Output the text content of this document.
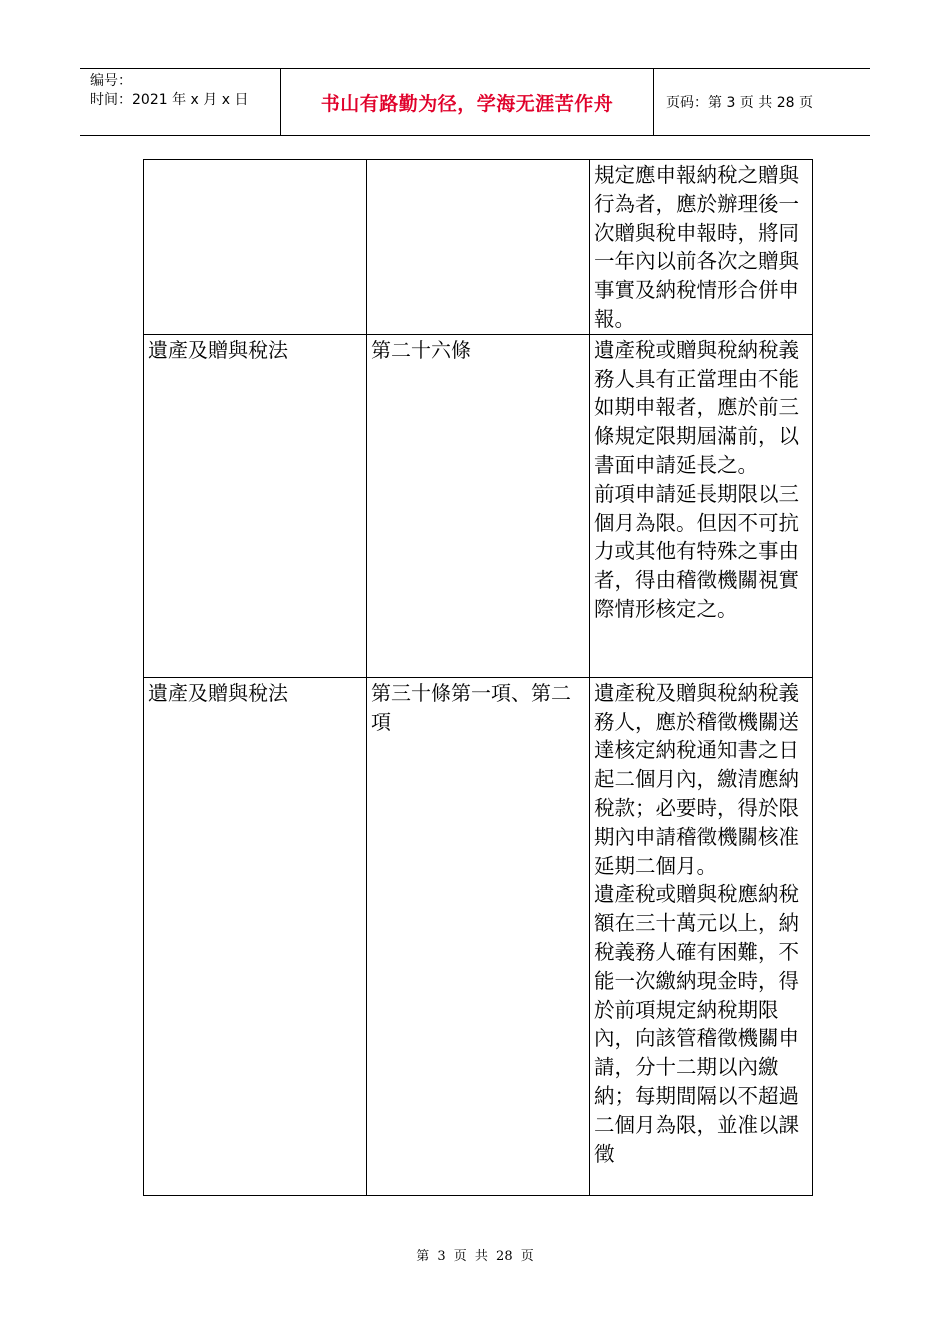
编号：
时间：2021 年 x 月 x 日	书山有路勤为径，学海无涯苦作舟	页码：第 3 页 共 28 页

		規定應申報納稅之贈與行為者，應於辦理後一次贈與稅申報時，將同一年內以前各次之贈與事實及納稅情形合併申報。

遺產及贈與稅法	第二十六條	遺產稅或贈與稅納稅義務人具有正當理由不能如期申報者，應於前三條規定限期屆滿前，以書面申請延長之。

前項申請延長期限以三個月為限。但因不可抗力或其他有特殊之事由者，得由稽徵機關視實際情形核定之。

遺產及贈與稅法	第三十條第一項、第二項	遺產稅及贈與稅納稅義務人，應於稽徵機關送達核定納稅通知書之日起二個月內，繳清應納稅款；必要時，得於限期內申請稽徵機關核准延期二個月。

遺產稅或贈與稅應納稅額在三十萬元以上，納稅義務人確有困難，不能一次繳納現金時，得於前項規定納稅期限內，向該管稽徵機關申請，分十二期以內繳納；每期間隔以不超過二個月為限，並准以課徵

第 3 页 共 28 页
